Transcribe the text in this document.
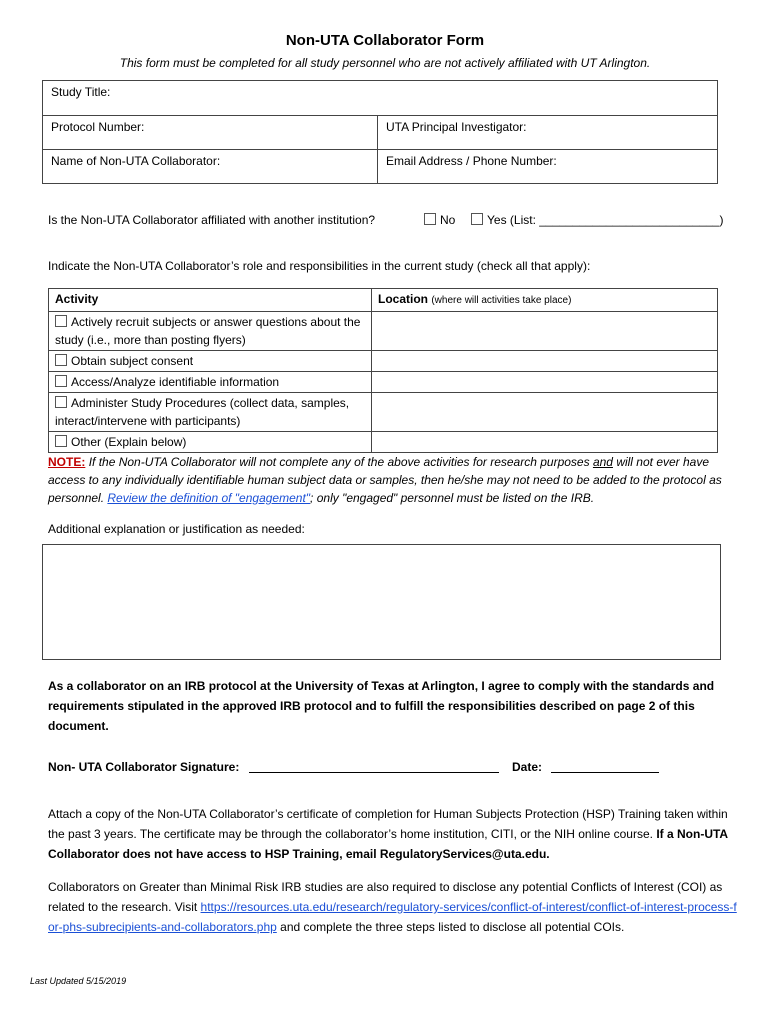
Non-UTA Collaborator Form
This form must be completed for all study personnel who are not actively affiliated with UT Arlington.
Study Title:	
Protocol Number:	UTA Principal Investigator:
Name of Non-UTA Collaborator:	Email Address / Phone Number:
Is the Non-UTA Collaborator affiliated with another institution?	No	Yes (List: ___________________________)
Indicate the Non-UTA Collaborator’s role and responsibilities in the current study (check all that apply):
Activity	Location (where will activities take place)
Actively recruit subjects or answer questions about the study (i.e., more than posting flyers)	
Obtain subject consent	
Access/Analyze identifiable information	
Administer Study Procedures (collect data, samples, interact/intervene with participants)	
Other (Explain below)	
NOTE: If the Non-UTA Collaborator will not complete any of the above activities for research purposes and will not ever have access to any individually identifiable human subject data or samples, then he/she may not need to be added to the protocol as personnel. Review the definition of "engagement"; only "engaged" personnel must be listed on the IRB.
Additional explanation or justification as needed:
As a collaborator on an IRB protocol at the University of Texas at Arlington, I agree to comply with the standards and requirements stipulated in the approved IRB protocol and to fulfill the responsibilities described on page 2 of this document.
Non- UTA Collaborator Signature:	Date:
Attach a copy of the Non-UTA Collaborator’s certificate of completion for Human Subjects Protection (HSP) Training taken within the past 3 years. The certificate may be through the collaborator’s home institution, CITI, or the NIH online course. If a Non-UTA Collaborator does not have access to HSP Training, email RegulatoryServices@uta.edu.
Collaborators on Greater than Minimal Risk IRB studies are also required to disclose any potential Conflicts of Interest (COI) as related to the research. Visit https://resources.uta.edu/research/regulatory-services/conflict-of-interest/conflict-of-interest-process-for-phs-subrecipients-and-collaborators.php and complete the three steps listed to disclose all potential COIs.
Last Updated 5/15/2019
